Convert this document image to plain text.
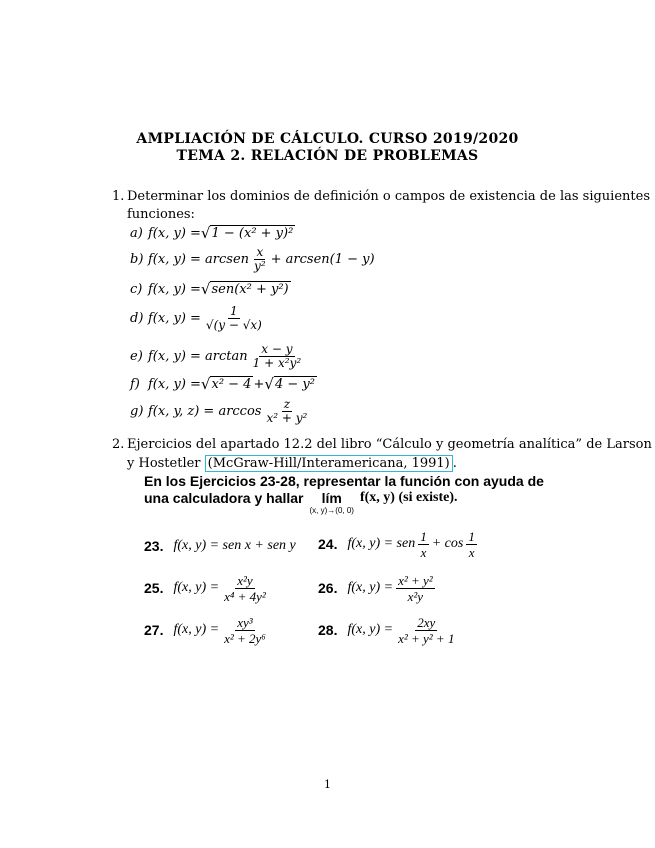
AMPLIACIÓN DE CÁLCULO. CURSO 2019/2020
TEMA 2. RELACIÓN DE PROBLEMAS
1. Determinar los dominios de definición o campos de existencia de las siguientes
funciones:
a) f(x, y) = √ 1 − (x² + y)²
b) f(x, y) = arcsen $\frac{x}{\text{y²}}$ + arcsen(1 − y)
c) f(x, y) = √ sen(x² + y²)
d) f(x, $y) = \frac{1}{√(y - √x)}$
e) f(x, $y) = \arctan \frac{x - y}{\text{1 + x²y²}}$
f) f(x, y) = √ x² − 4 + √ 4 − y²
g) f(x, y, $z) = \arccos \frac{z}{\text{x² + y²}}$
2. Ejercicios del apartado 12.2 del libro “Cálculo y geometría analítica” de Larson
y Hostetler (McGraw-Hill/Interamericana, 1991) .
En los Ejercicios 23-28, representar la función con ayuda de
una calculadora y hallar lím
(x, y)→(0, 0)
f(x, y) (si existe).
23. f(x, y) = sen x + sen y 24. f(x, y) = sen $\frac{1}{x} + \cos \frac{1}{x}$
25. f(x, $y) = \frac{\text{x²y}}{\text{x⁴ + 4y²}}$	26. f(x, $y) = \frac{\text{x² + y²}}{\text{x²y}}$
27. f(x, $y) = \frac{\text{xy³}}{\text{x² + 2y⁶}}$	28. f(x, $y) = \frac{2xy}{\text{x² + y² + 1}}$
1
